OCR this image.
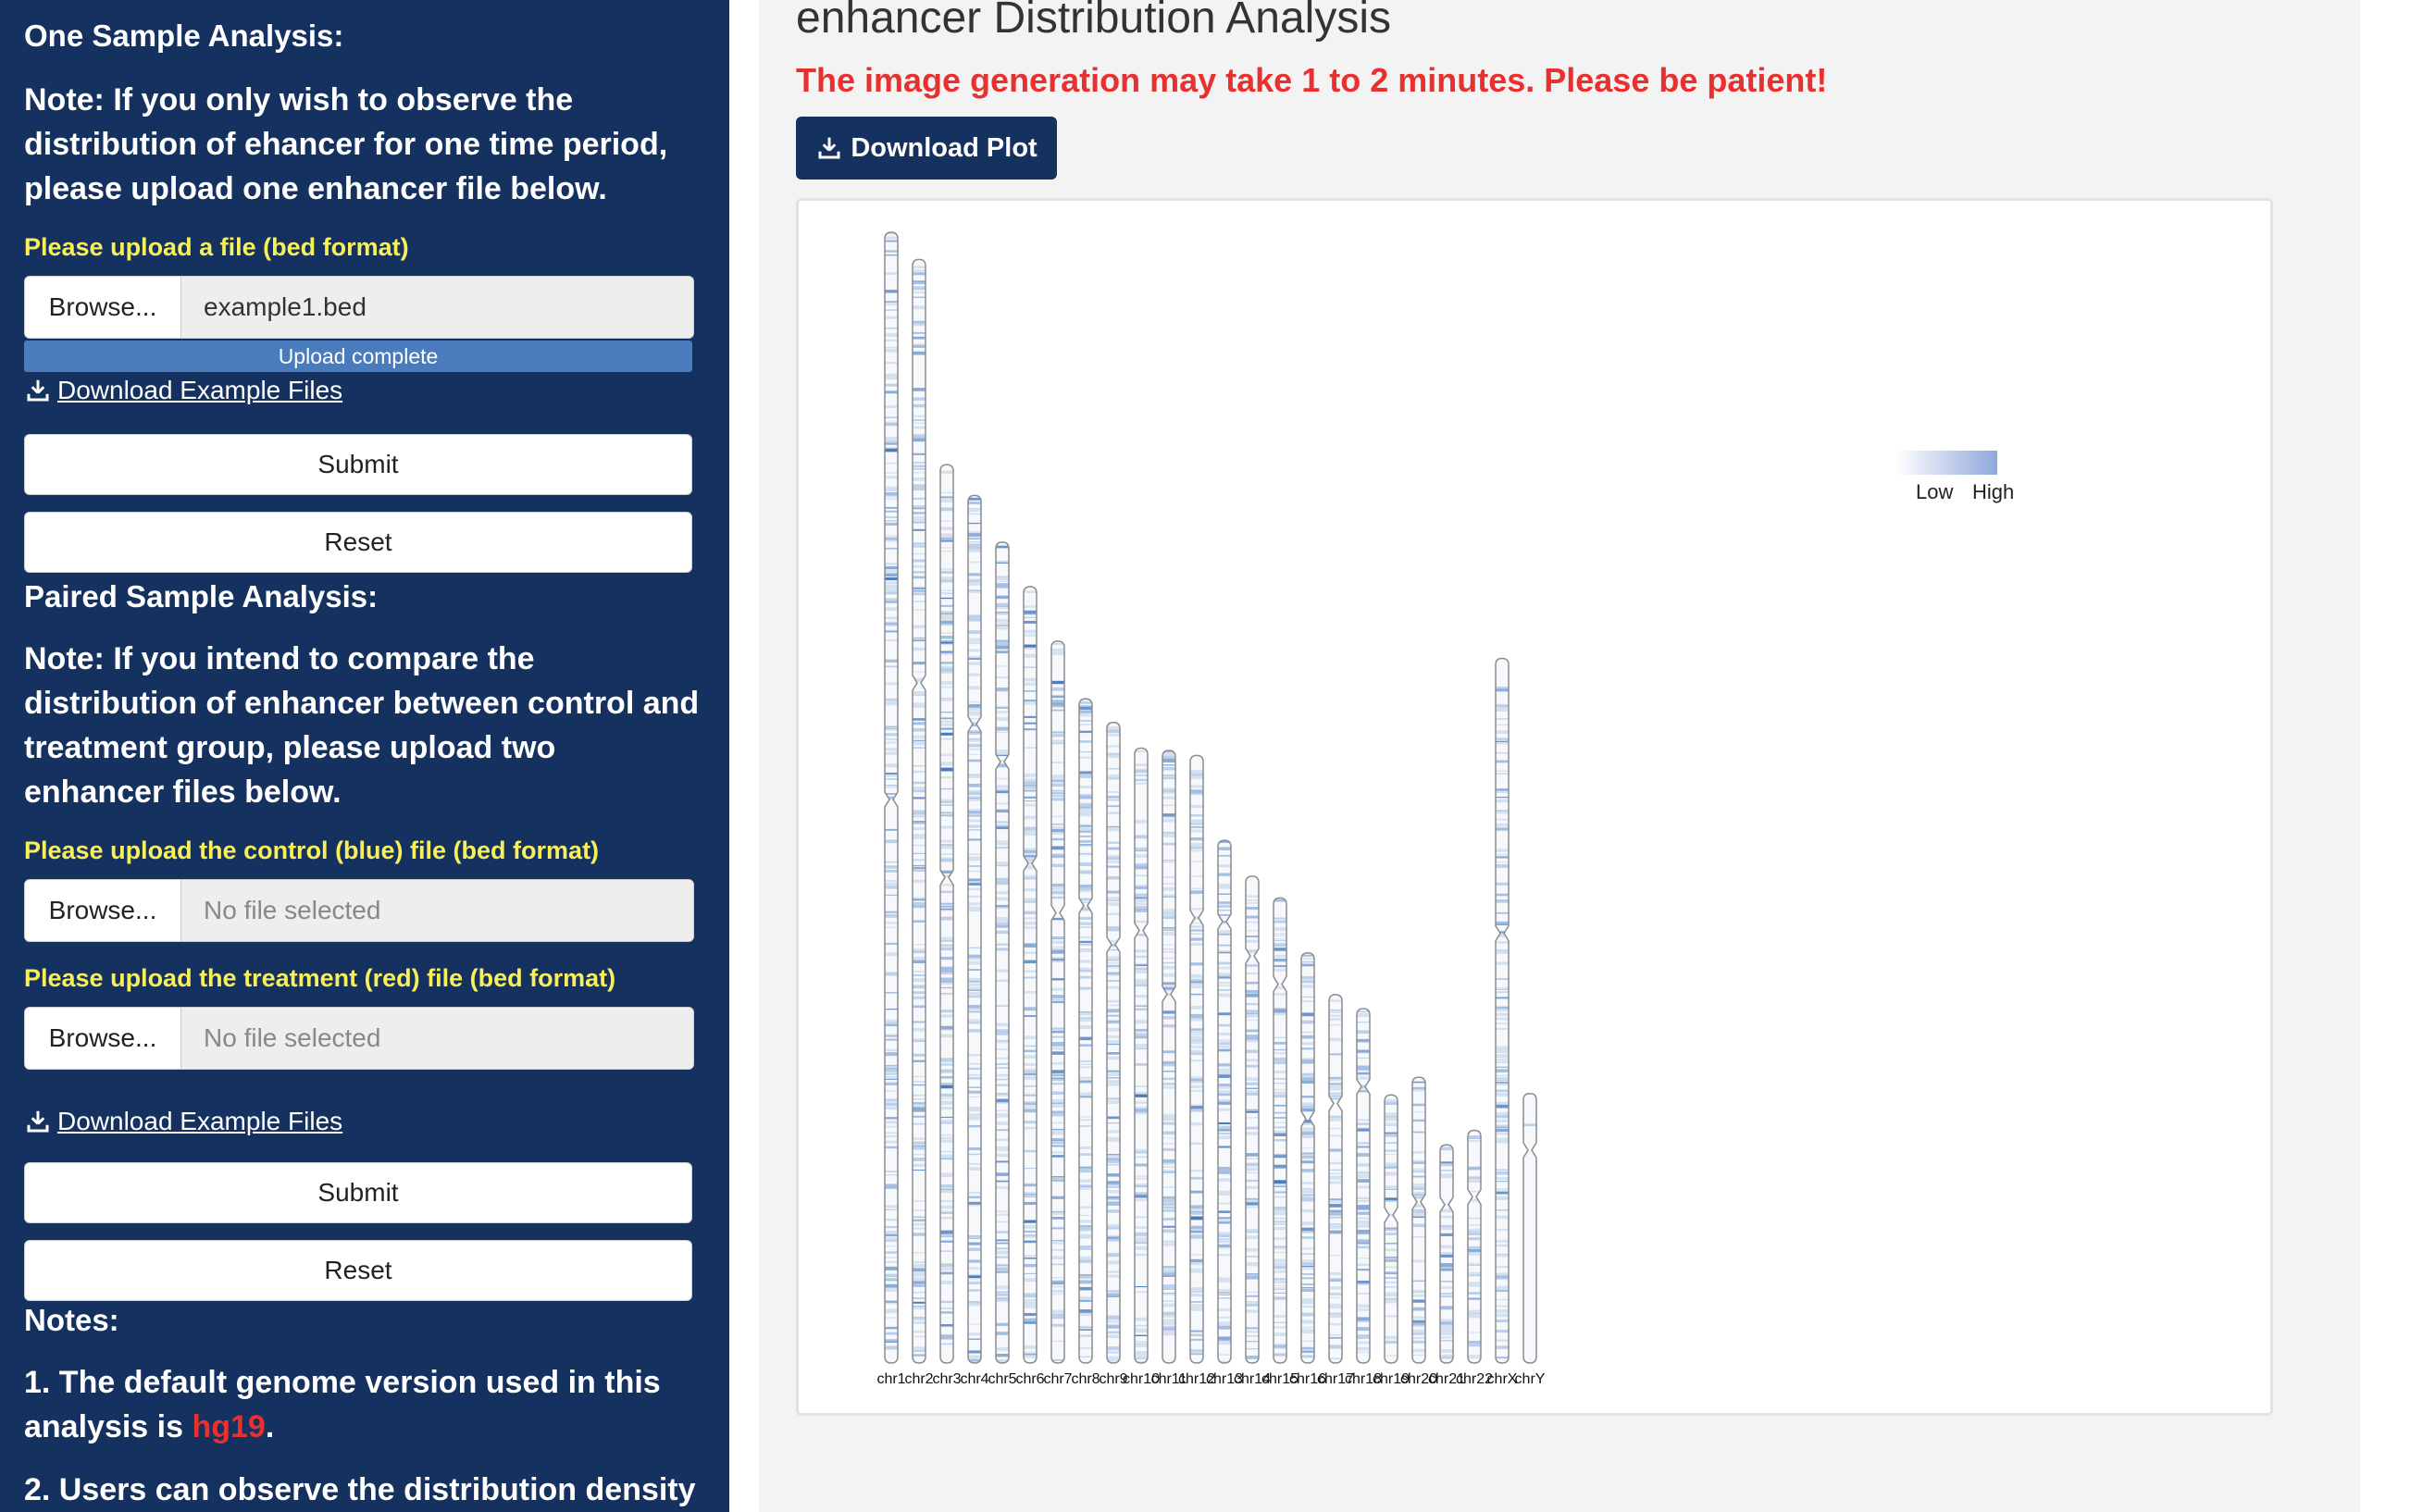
One Sample Analysis:
Note: If you only wish to observe the distribution of ehancer for one time period, please upload one enhancer file below.
Please upload a file (bed format)
Browse...	example1.bed
Upload complete
Download Example Files
Submit
Reset
Paired Sample Analysis:
Note: If you intend to compare the distribution of enhancer between control and treatment group, please upload two enhancer files below.
Please upload the control (blue) file (bed format)
Browse...	No file selected
Please upload the treatment (red) file (bed format)
Browse...	No file selected
Download Example Files
Submit
Reset
Notes:
1. The default genome version used in this analysis is hg19.
2. Users can observe the distribution density
enhancer Distribution Analysis
The image generation may take 1 to 2 minutes. Please be patient!
Download Plot
Low High
chr1
chr2
chr3
chr4
chr5
chr6
chr7
chr8
chr9
chr10
chr11
chr12
chr13
chr14
chr15
chr16
chr17
chr18
chr19
chr20
chr21
chr22
chrX
chrY
